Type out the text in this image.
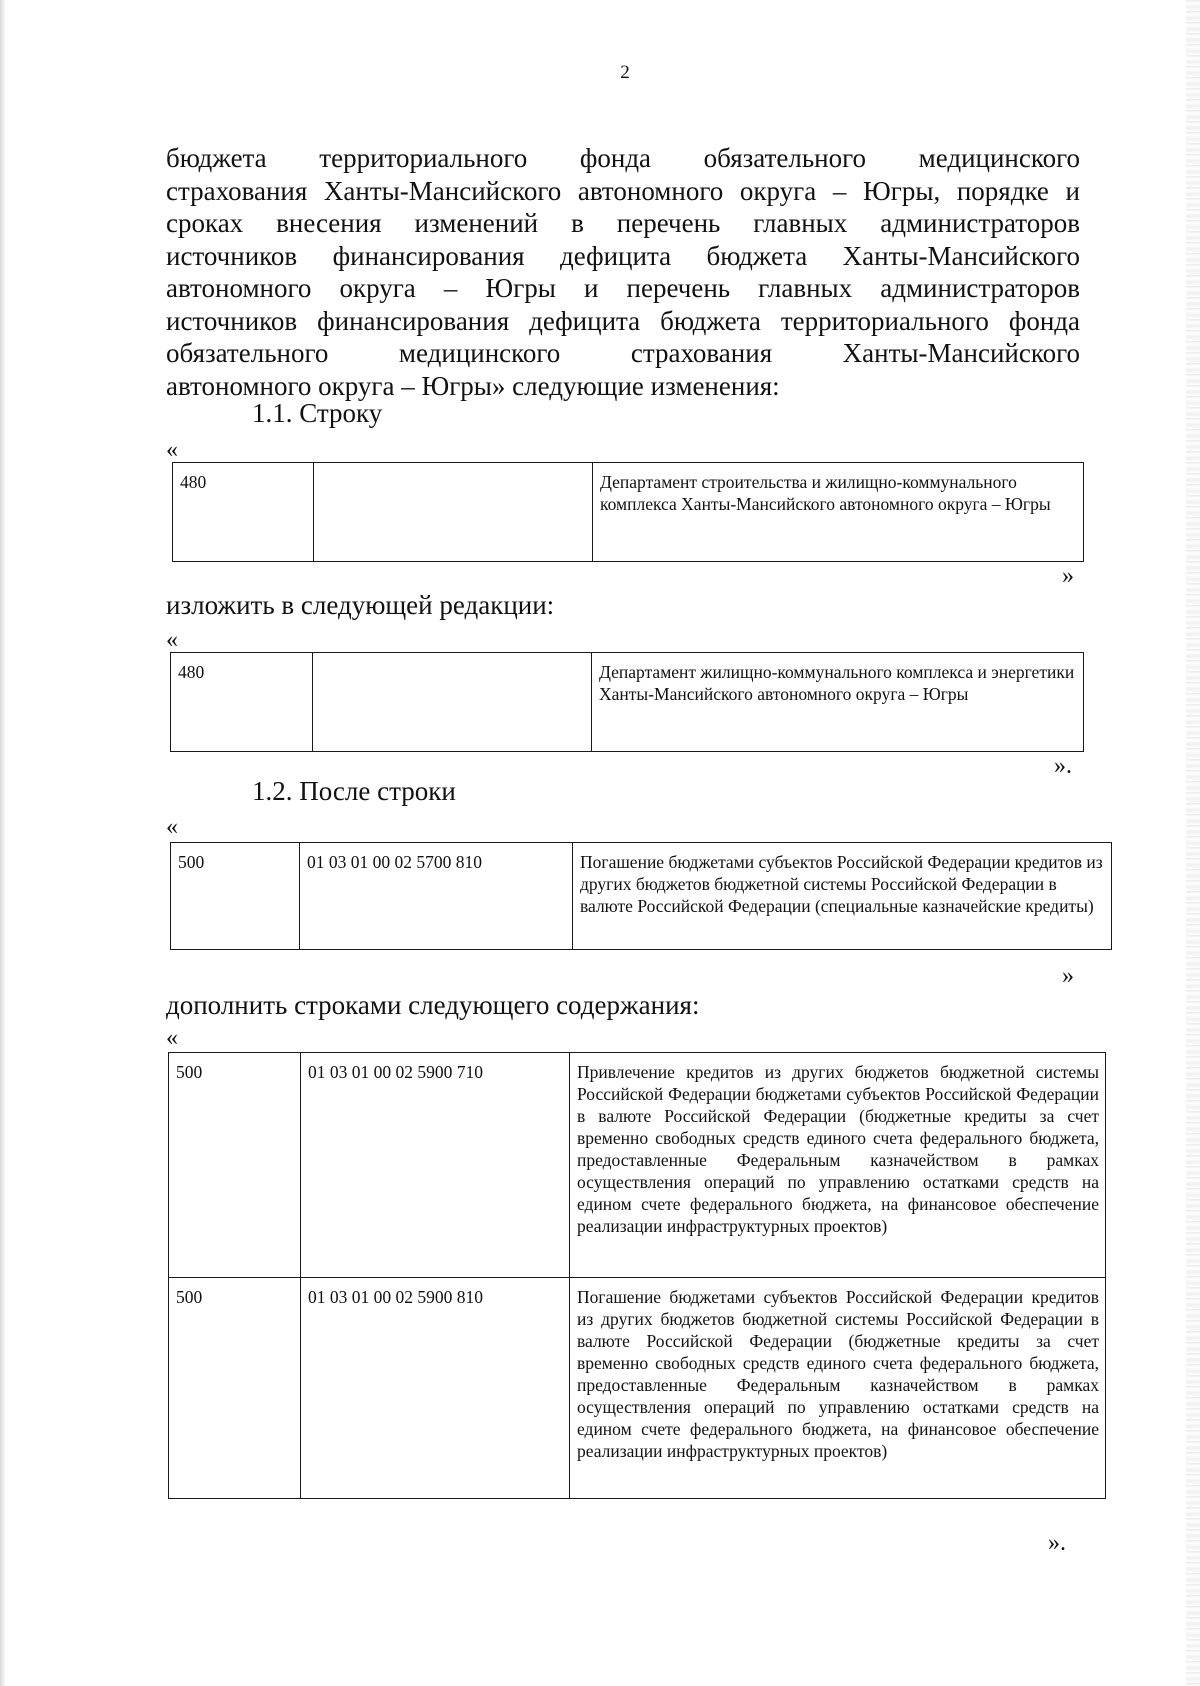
2

бюджета территориального фонда обязательного медицинского
страхования Ханты-Мансийского автономного округа – Югры, порядке и
сроках внесения изменений в перечень главных администраторов
источников финансирования дефицита бюджета Ханты-Мансийского
автономного округа – Югры и перечень главных администраторов
источников финансирования дефицита бюджета территориального фонда
обязательного медицинского страхования Ханты-Мансийского
автономного округа – Югры» следующие изменения:

1.1. Строку

«

480		Департамент строительства и жилищно-коммунального комплекса Ханты-Мансийского автономного округа – Югры

»

изложить в следующей редакции:

«

480		Департамент жилищно-коммунального комплекса и энергетики Ханты-Мансийского автономного округа – Югры

».

1.2. После строки

«

500	01 03 01 00 02 5700 810	Погашение бюджетами субъектов Российской Федерации кредитов из других бюджетов бюджетной системы Российской Федерации в валюте Российской Федерации (специальные казначейские кредиты)

»

дополнить строками следующего содержания:

«

500	01 03 01 00 02 5900 710	Привлечение кредитов из других бюджетов бюджетной системы Российской Федерации бюджетами субъектов Российской Федерации в валюте Российской Федерации (бюджетные кредиты за счет временно свободных средств единого счета федерального бюджета, предоставленные Федеральным казначейством в рамках осуществления операций по управлению остатками средств на едином счете федерального бюджета, на финансовое обеспечение реализации инфраструктурных проектов)
500	01 03 01 00 02 5900 810	Погашение бюджетами субъектов Российской Федерации кредитов из других бюджетов бюджетной системы Российской Федерации в валюте Российской Федерации (бюджетные кредиты за счет временно свободных средств единого счета федерального бюджета, предоставленные Федеральным казначейством в рамках осуществления операций по управлению остатками средств на едином счете федерального бюджета, на финансовое обеспечение реализации инфраструктурных проектов)

».
